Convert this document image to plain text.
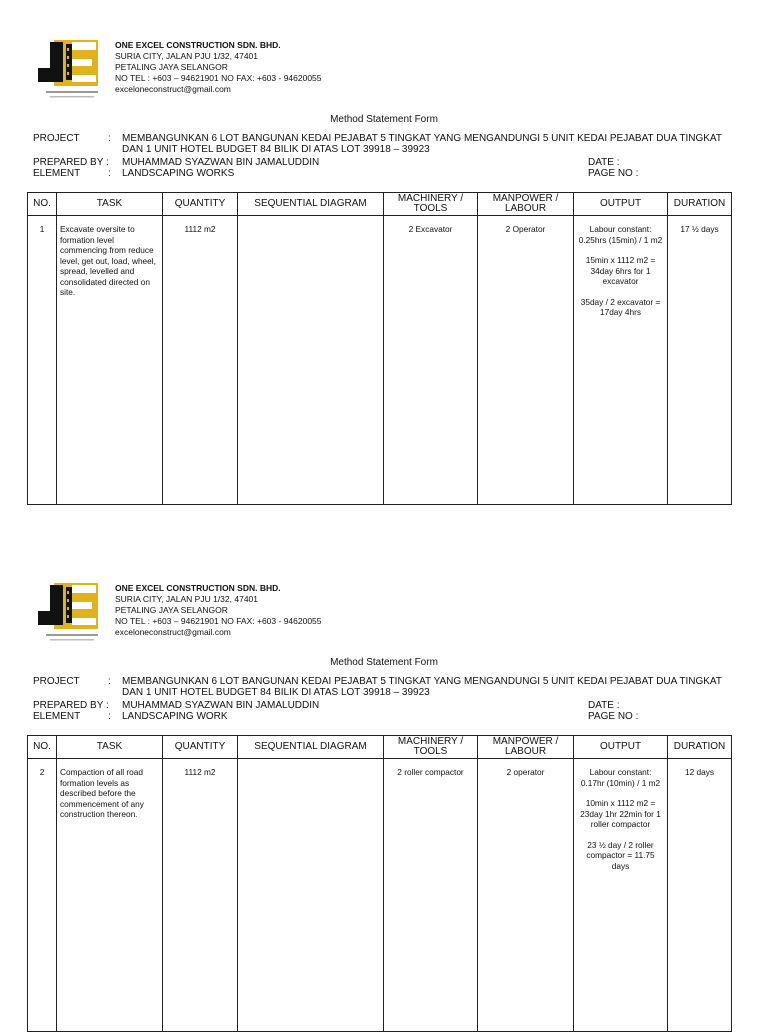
ONE EXCEL CONSTRUCTION SDN. BHD.
SURIA CITY, JALAN PJU 1/32, 47401
PETALING JAYA SELANGOR
NO TEL : +603 – 94621901 NO FAX: +603 - 94620055
exceloneconstruct@gmail.com
Method Statement Form
PROJECT	: MEMBANGUNKAN 6 LOT BANGUNAN KEDAI PEJABAT 5 TINGKAT YANG MENGANDUNGI 5 UNIT KEDAI PEJABAT DUA TINGKAT
DAN 1 UNIT HOTEL BUDGET 84 BILIK DI ATAS LOT 39918 – 39923
PREPARED BY : MUHAMMAD SYAZWAN BIN JAMALUDDIN
ELEMENT	: LANDSCAPING WORKS
DATE :
PAGE NO :
NO.	TASK	QUANTITY	SEQUENTIAL DIAGRAM	MACHINERY / TOOLS	MANPOWER / LABOUR	OUTPUT	DURATION
1	Excavate oversite to formation level commencing from reduce level, get out, load, wheel, spread, levelled and consolidated directed on site.	1112 m2		2 Excavator	2 Operator	Labour constant: 0.25hrs (15min) / 1 m2
15min x 1112 m2 = 34day 6hrs for 1 excavator
35day / 2 excavator = 17day 4hrs	17 ½ days
ONE EXCEL CONSTRUCTION SDN. BHD.
SURIA CITY, JALAN PJU 1/32, 47401
PETALING JAYA SELANGOR
NO TEL : +603 – 94621901 NO FAX: +603 - 94620055
exceloneconstruct@gmail.com
Method Statement Form
PROJECT	: MEMBANGUNKAN 6 LOT BANGUNAN KEDAI PEJABAT 5 TINGKAT YANG MENGANDUNGI 5 UNIT KEDAI PEJABAT DUA TINGKAT
DAN 1 UNIT HOTEL BUDGET 84 BILIK DI ATAS LOT 39918 – 39923
PREPARED BY : MUHAMMAD SYAZWAN BIN JAMALUDDIN
ELEMENT	: LANDSCAPING WORK
DATE :
PAGE NO :
NO.	TASK	QUANTITY	SEQUENTIAL DIAGRAM	MACHINERY / TOOLS	MANPOWER / LABOUR	OUTPUT	DURATION
2	Compaction of all road formation levels as described before the commencement of any construction thereon.	1112 m2		2 roller compactor	2 operator	Labour constant: 0.17hr (10min) / 1 m2
10min x 1112 m2 = 23day 1hr 22min for 1 roller compactor
23 ½ day / 2 roller compactor = 11.75 days	12 days
